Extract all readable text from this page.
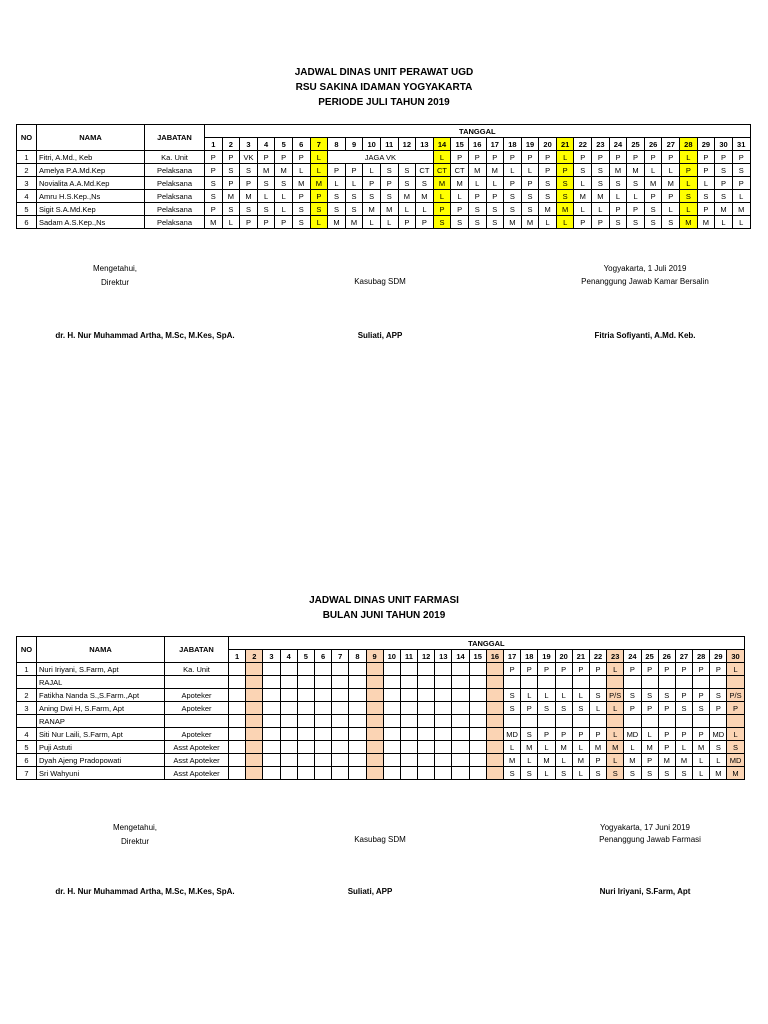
JADWAL DINAS UNIT PERAWAT UGD
RSU SAKINA IDAMAN YOGYAKARTA
PERIODE JULI TAHUN 2019
NO	NAMA	JABATAN	TANGGAL																														
			1	2	3	4	5	6	7	8	9	10	11	12	13	14	15	16	17	18	19	20	21	22	23	24	25	26	27	28	29	30	31
1	Fitri, A.Md., Keb	Ka. Unit	P	P	VK	P	P	P	L	JAGA VK						L	P	P	P	P	P	P	L	P	P	P	P	P	P	L	P	P	P
2	Amelya P.A.Md.Kep	Pelaksana	P	S	S	M	M	L	L	P	P	L	S	S	CT	CT	CT	M	M	L	L	P	P	S	S	M	M	L	L	P	P	S	S
3	Novialita A.A.Md.Kep	Pelaksana	S	P	P	S	S	M	M	L	L	P	P	S	S	M	M	L	L	P	P	S	S	L	S	S	S	M	M	L	L	P	P
4	Amru H.S.Kep.,Ns	Pelaksana	S	M	M	L	L	P	P	S	S	S	S	M	M	L	L	P	P	S	S	S	S	M	M	L	L	P	P	S	S	S	L
5	Sigit S.A.Md.Kep	Pelaksana	P	S	S	S	L	S	S	S	S	M	M	L	L	P	P	S	S	S	S	M	M	L	L	P	P	S	L	L	P	M	M
6	Sadam A.S.Kep.,Ns	Pelaksana	M	L	P	P	P	S	L	M	M	L	L	P	P	S	S	S	S	M	M	L	L	P	P	S	S	S	S	M	M	L	L
Mengetahui,
Direktur
dr. H. Nur Muhammad Artha, M.Sc, M.Kes, SpA.
Kasubag SDM
Suliati, APP
Yogyakarta, 1 Juli 2019
Penanggung Jawab Kamar Bersalin
Fitria Sofiyanti, A.Md. Keb.
JADWAL DINAS UNIT FARMASI
BULAN JUNI TAHUN 2019
NO	NAMA	JABATAN	TANGGAL																													
			1	2	3	4	5	6	7	8	9	10	11	12	13	14	15	16	17	18	19	20	21	22	23	24	25	26	27	28	29	30
1	Nuri Iriyani, S.Farm, Apt	Ka. Unit																	P	P	P	P	P	P	L	P	P	P	P	P	P	L
	RAJAL																															
2	Fatikha Nanda S.,S.Farm.,Apt	Apoteker																	S	L	L	L	L	S	P/S	S	S	S	P	P	S	P/S
3	Aning Dwi H, S.Farm, Apt	Apoteker																	S	P	S	S	S	L	L	P	P	P	S	S	P	P
	RANAP																															
4	Siti Nur Laili, S.Farm, Apt	Apoteker																	MD	S	P	P	P	P	L	MD	L	P	P	P	MD	L
5	Puji Astuti	Asst Apoteker																	L	M	L	M	L	M	M	L	M	P	L	M	S	S
6	Dyah Ajeng Pradopowati	Asst Apoteker																	M	L	M	L	M	P	L	M	P	M	M	L	L	MD
7	Sri Wahyuni	Asst Apoteker																	S	S	L	S	L	S	S	S	S	S	S	L	M	M
Mengetahui,
Direktur
dr. H. Nur Muhammad Artha, M.Sc, M.Kes, SpA.
Kasubag SDM
Suliati, APP
Yogyakarta, 17 Juni 2019
Penanggung Jawab Farmasi
Nuri Iriyani, S.Farm, Apt
